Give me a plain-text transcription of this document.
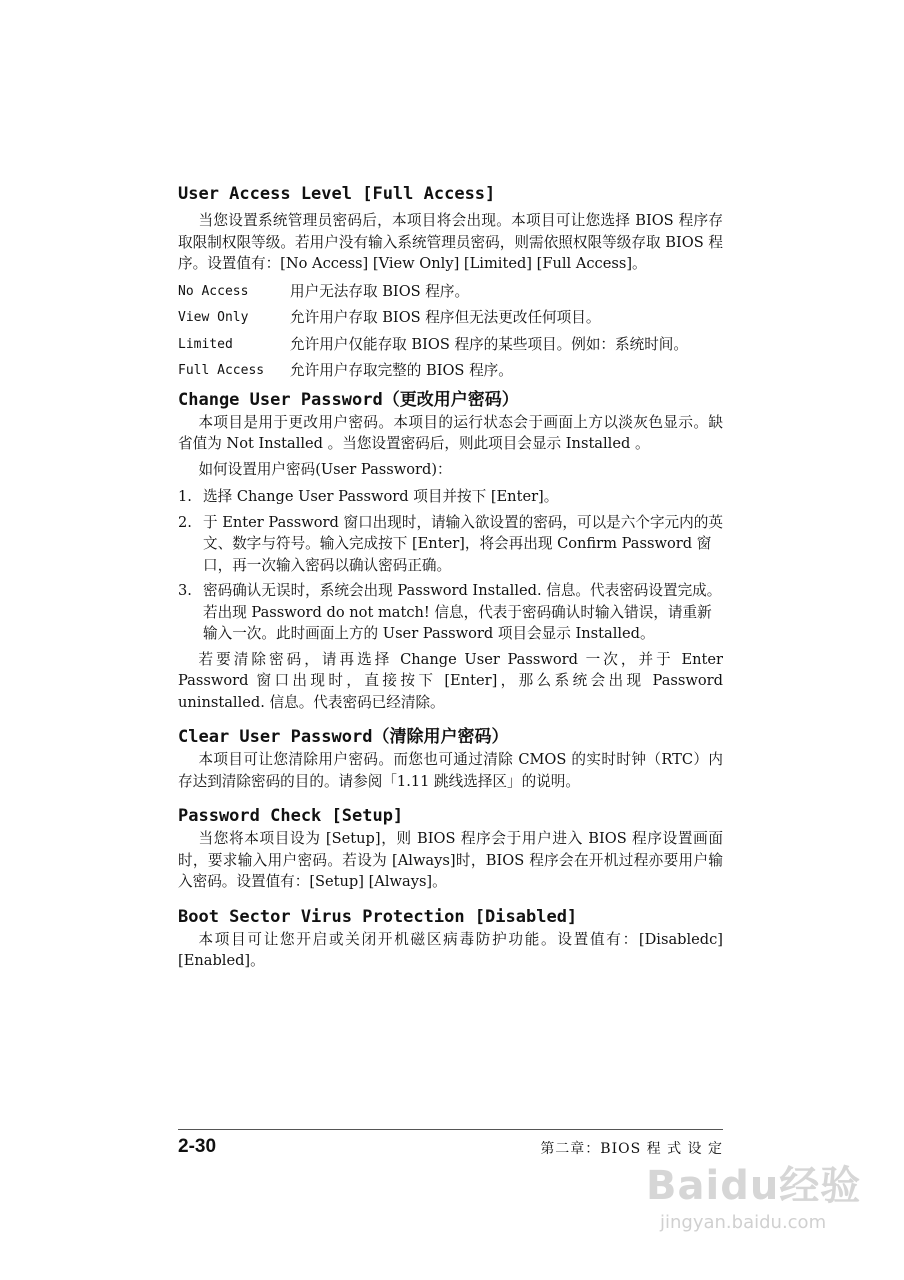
User Access Level [Full Access]

当您设置系统管理员密码后，本项目将会出现。本项目可让您选择 BIOS 程序存取限制权限等级。若用户没有输入系统管理员密码，则需依照权限等级存取 BIOS 程序。设置值有：[No Access] [View Only] [Limited] [Full Access]。

No Access	用户无法存取 BIOS 程序。
View Only	允许用户存取 BIOS 程序但无法更改任何项目。
Limited	允许用户仅能存取 BIOS 程序的某些项目。例如：系统时间。
Full Access	允许用户存取完整的 BIOS 程序。
Change User Password（更改用户密码）

本项目是用于更改用户密码。本项目的运行状态会于画面上方以淡灰色显示。缺省值为 Not Installed 。当您设置密码后，则此项目会显示 Installed 。

如何设置用户密码(User Password)：

1. 选择 Change User Password 项目并按下 [Enter]。
2. 于 Enter Password 窗口出现时，请输入欲设置的密码，可以是六个字元内的英文、数字与符号。输入完成按下 [Enter]，将会再出现 Confirm Password 窗口，再一次输入密码以确认密码正确。
3. 密码确认无误时，系统会出现 Password Installed. 信息。代表密码设置完成。若出现 Password do not match! 信息，代表于密码确认时输入错误，请重新输入一次。此时画面上方的 User Password 项目会显示 Installed。

若要清除密码，请再选择 Change User Password 一次，并于 Enter Password 窗口出现时，直接按下 [Enter]，那么系统会出现 Password uninstalled. 信息。代表密码已经清除。

Clear User Password（清除用户密码）

本项目可让您清除用户密码。而您也可通过清除 CMOS 的实时时钟（RTC）内存达到清除密码的目的。请参阅「1.11 跳线选择区」的说明。

Password Check [Setup]

当您将本项目设为 [Setup]，则 BIOS 程序会于用户进入 BIOS 程序设置画面时，要求输入用户密码。若设为 [Always]时，BIOS 程序会在开机过程亦要用户输入密码。设置值有：[Setup] [Always]。

Boot Sector Virus Protection [Disabled]

本项目可让您开启或关闭开机磁区病毒防护功能。设置值有：[Disabledc] [Enabled]。

2-30	第二章：BIOS 程 式 设 定
Baidu经验
jingyan.baidu.com
